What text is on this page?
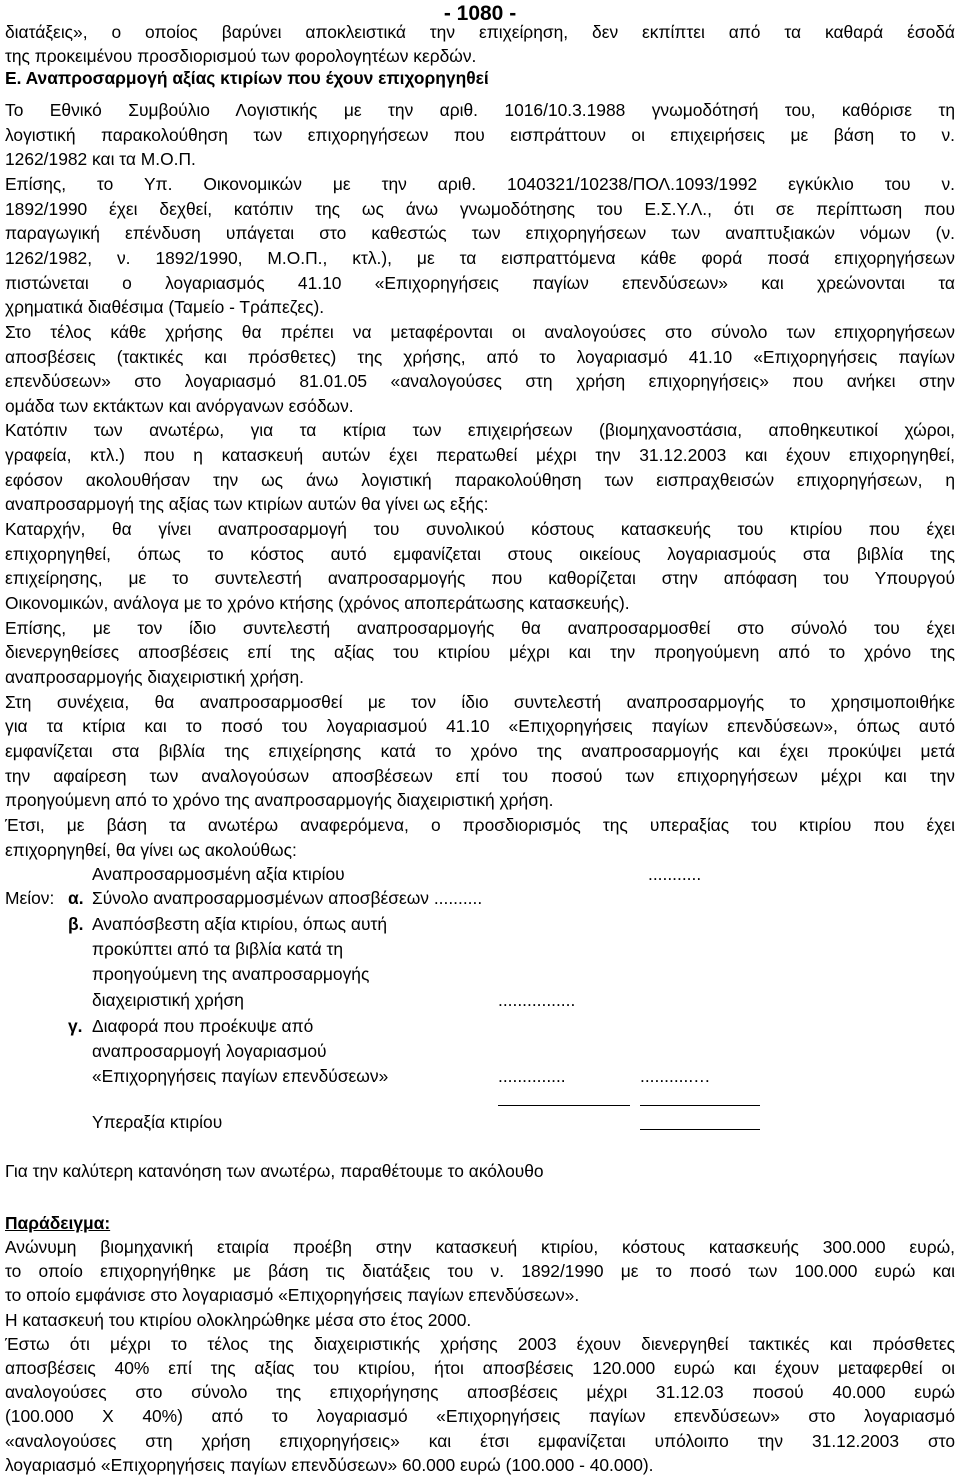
- 1080 -
διατάξεις», ο οποίος βαρύνει αποκλειστικά την επιχείρηση, δεν εκπίπτει από τα καθαρά έσοδά
της προκειμένου προσδιορισμού των φορολογητέων κερδών.
Ε. Αναπροσαρμογή αξίας κτιρίων που έχουν επιχορηγηθεί
Το Εθνικό Συμβούλιο Λογιστικής με την αριθ. 1016/10.3.1988 γνωμοδότησή του, καθόρισε τη
λογιστική παρακολούθηση των επιχορηγήσεων που εισπράττουν οι επιχειρήσεις με βάση το ν.
1262/1982 και τα Μ.Ο.Π.
Επίσης, το Υπ. Οικονομικών με την αριθ. 1040321/10238/ΠΟΛ.1093/1992 εγκύκλιο του ν.
1892/1990 έχει δεχθεί, κατόπιν της ως άνω γνωμοδότησης του Ε.Σ.Υ.Λ., ότι σε περίπτωση που
παραγωγική επένδυση υπάγεται στο καθεστώς των επιχορηγήσεων των αναπτυξιακών νόμων (ν.
1262/1982, ν. 1892/1990, Μ.Ο.Π., κτλ.), με τα εισπραττόμενα κάθε φορά ποσά επιχορηγήσεων
πιστώνεται ο λογαριασμός 41.10 «Επιχορηγήσεις παγίων επενδύσεων» και χρεώνονται τα
χρηματικά διαθέσιμα (Ταμείο - Τράπεζες).
Στο τέλος κάθε χρήσης θα πρέπει να μεταφέρονται οι αναλογούσες στο σύνολο των επιχορηγήσεων
αποσβέσεις (τακτικές και πρόσθετες) της χρήσης, από το λογαριασμό 41.10 «Επιχορηγήσεις παγίων
επενδύσεων» στο λογαριασμό 81.01.05 «αναλογούσες στη χρήση επιχορηγήσεις» που ανήκει στην
ομάδα των εκτάκτων και ανόργανων εσόδων.
Κατόπιν των ανωτέρω, για τα κτίρια των επιχειρήσεων (βιομηχανοστάσια, αποθηκευτικοί χώροι,
γραφεία, κτλ.) που η κατασκευή αυτών έχει περατωθεί μέχρι την 31.12.2003 και έχουν επιχορηγηθεί,
εφόσον ακολουθήσαν την ως άνω λογιστική παρακολούθηση των εισπραχθεισών επιχορηγήσεων, η
αναπροσαρμογή της αξίας των κτιρίων αυτών θα γίνει ως εξής:
Καταρχήν, θα γίνει αναπροσαρμογή του συνολικού κόστους κατασκευής του κτιρίου που έχει
επιχορηγηθεί, όπως το κόστος αυτό εμφανίζεται στους οικείους λογαριασμούς στα βιβλία της
επιχείρησης, με το συντελεστή αναπροσαρμογής που καθορίζεται στην απόφαση του Υπουργού
Οικονομικών, ανάλογα με το χρόνο κτήσης (χρόνος αποπεράτωσης κατασκευής).
Επίσης, με τον ίδιο συντελεστή αναπροσαρμογής θα αναπροσαρμοσθεί στο σύνολό του έχει
διενεργηθείσες αποσβέσεις επί της αξίας του κτιρίου μέχρι και την προηγούμενη από το χρόνο της
αναπροσαρμογής διαχειριστική χρήση.
Στη συνέχεια, θα αναπροσαρμοσθεί με τον ίδιο συντελεστή αναπροσαρμογής το χρησιμοποιθήκε
για τα κτίρια και το ποσό του λογαριασμού 41.10 «Επιχορηγήσεις παγίων επενδύσεων», όπως αυτό
εμφανίζεται στα βιβλία της επιχείρησης κατά το χρόνο της αναπροσαρμογής και έχει προκύψει μετά
την αφαίρεση των αναλογούσων αποσβέσεων επί του ποσού των επιχορηγήσεων μέχρι και την
προηγούμενη από το χρόνο της αναπροσαρμογής διαχειριστική χρήση.
Έτσι, με βάση τα ανωτέρω αναφερόμενα, ο προσδιορισμός της υπεραξίας του κτιρίου που έχει
επιχορηγηθεί, θα γίνει ως ακολούθως:
Αναπροσαρμοσμένη αξία κτιρίου	...........
Μείον: α. Σύνολο αναπροσαρμοσμένων αποσβέσεων ..........
β. Αναπόσβεστη αξία κτιρίου, όπως αυτή
προκύπτει από τα βιβλία κατά τη
προηγούμενη της αναπροσαρμογής
διαχειριστική χρήση	................
γ. Διαφορά που προέκυψε από
αναπροσαρμογή λογαριασμού
«Επιχορηγήσεις παγίων επενδύσεων»	..............	...........…
Υπεραξία κτιρίου
Για την καλύτερη κατανόηση των ανωτέρω, παραθέτουμε το ακόλουθο
Παράδειγμα:
Ανώνυμη βιομηχανική εταιρία προέβη στην κατασκευή κτιρίου, κόστους κατασκευής 300.000 ευρώ,
το οποίο επιχορηγήθηκε με βάση τις διατάξεις του ν. 1892/1990 με το ποσό των 100.000 ευρώ και
το οποίο εμφάνισε στο λογαριασμό «Επιχορηγήσεις παγίων επενδύσεων».
Η κατασκευή του κτιρίου ολοκληρώθηκε μέσα στο έτος 2000.
Έστω ότι μέχρι το τέλος της διαχειριστικής χρήσης 2003 έχουν διενεργηθεί τακτικές και πρόσθετες
αποσβέσεις 40% επί της αξίας του κτιρίου, ήτοι αποσβέσεις 120.000 ευρώ και έχουν μεταφερθεί οι
αναλογούσες στο σύνολο της επιχορήγησης αποσβέσεις μέχρι 31.12.03 ποσού 40.000 ευρώ
(100.000 Χ 40%) από το λογαριασμό «Επιχορηγήσεις παγίων επενδύσεων» στο λογαριασμό
«αναλογούσες στη χρήση επιχορηγήσεις» και έτσι εμφανίζεται υπόλοιπο την 31.12.2003 στο
λογαριασμό «Επιχορηγήσεις παγίων επενδύσεων» 60.000 ευρώ (100.000 - 40.000).
